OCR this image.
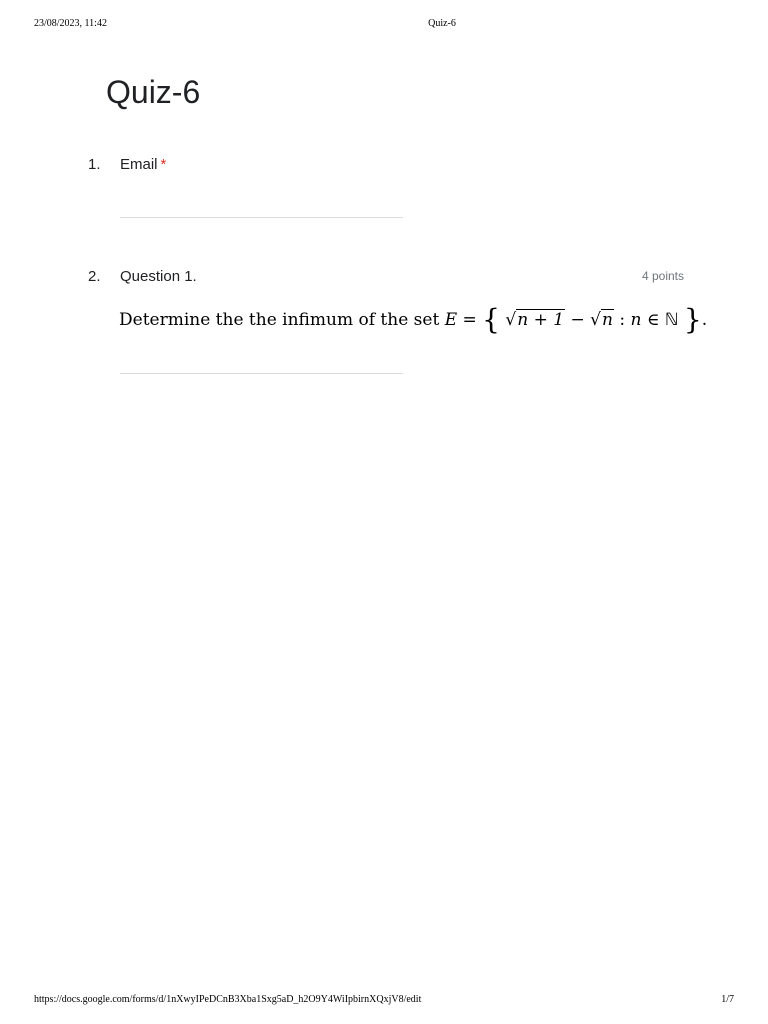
23/08/2023, 11:42	Quiz-6
Quiz-6
1. Email *
2. Question 1.	4 points
Determine the the infimum of the set E = { √n + 1 − √n : n ∈ ℕ }.
https://docs.google.com/forms/d/1nXwyIPeDCnB3Xba1Sxg5aD_h2O9Y4WiIpbirnXQxjV8/edit	1/7
